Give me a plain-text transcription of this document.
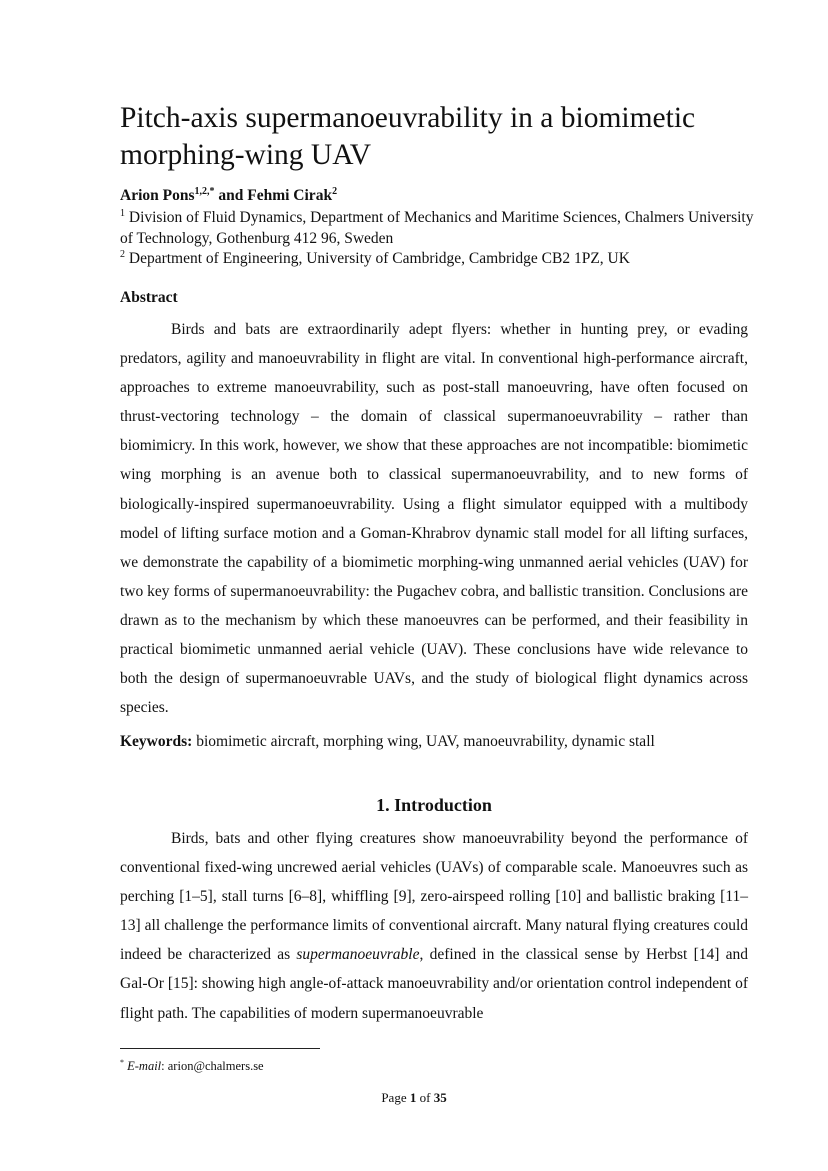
Pitch-axis supermanoeuvrability in a biomimetic morphing-wing UAV
Arion Pons$^{1,2,*}$ and Fehmi Cirak$^2$
$^1$ Division of Fluid Dynamics, Department of Mechanics and Maritime Sciences, Chalmers University of Technology, Gothenburg 412 96, Sweden
$^2$ Department of Engineering, University of Cambridge, Cambridge CB2 1PZ, UK
Abstract

Birds and bats are extraordinarily adept flyers: whether in hunting prey, or evading predators, agility and manoeuvrability in flight are vital. In conventional high-performance aircraft, approaches to extreme manoeuvrability, such as post-stall manoeuvring, have often focused on thrust-vectoring technology – the domain of classical supermanoeuvrability – rather than biomimicry. In this work, however, we show that these approaches are not incompatible: biomimetic wing morphing is an avenue both to classical supermanoeuvrability, and to new forms of biologically-inspired supermanoeuvrability. Using a flight simulator equipped with a multibody model of lifting surface motion and a Goman-Khrabrov dynamic stall model for all lifting surfaces, we demonstrate the capability of a biomimetic morphing-wing unmanned aerial vehicles (UAV) for two key forms of supermanoeuvrability: the Pugachev cobra, and ballistic transition. Conclusions are drawn as to the mechanism by which these manoeuvres can be performed, and their feasibility in practical biomimetic unmanned aerial vehicle (UAV). These conclusions have wide relevance to both the design of supermanoeuvrable UAVs, and the study of biological flight dynamics across species.

Keywords: biomimetic aircraft, morphing wing, UAV, manoeuvrability, dynamic stall
1. Introduction

Birds, bats and other flying creatures show manoeuvrability beyond the performance of conventional fixed-wing uncrewed aerial vehicles (UAVs) of comparable scale. Manoeuvres such as perching [1–5], stall turns [6–8], whiffling [9], zero-airspeed rolling [10] and ballistic braking [11–13] all challenge the performance limits of conventional aircraft. Many natural flying creatures could indeed be characterized as supermanoeuvrable, defined in the classical sense by Herbst [14] and Gal-Or [15]: showing high angle-of-attack manoeuvrability and/or orientation control independent of flight path. The capabilities of modern supermanoeuvrable

* E-mail: arion@chalmers.se
Page 1 of 35
